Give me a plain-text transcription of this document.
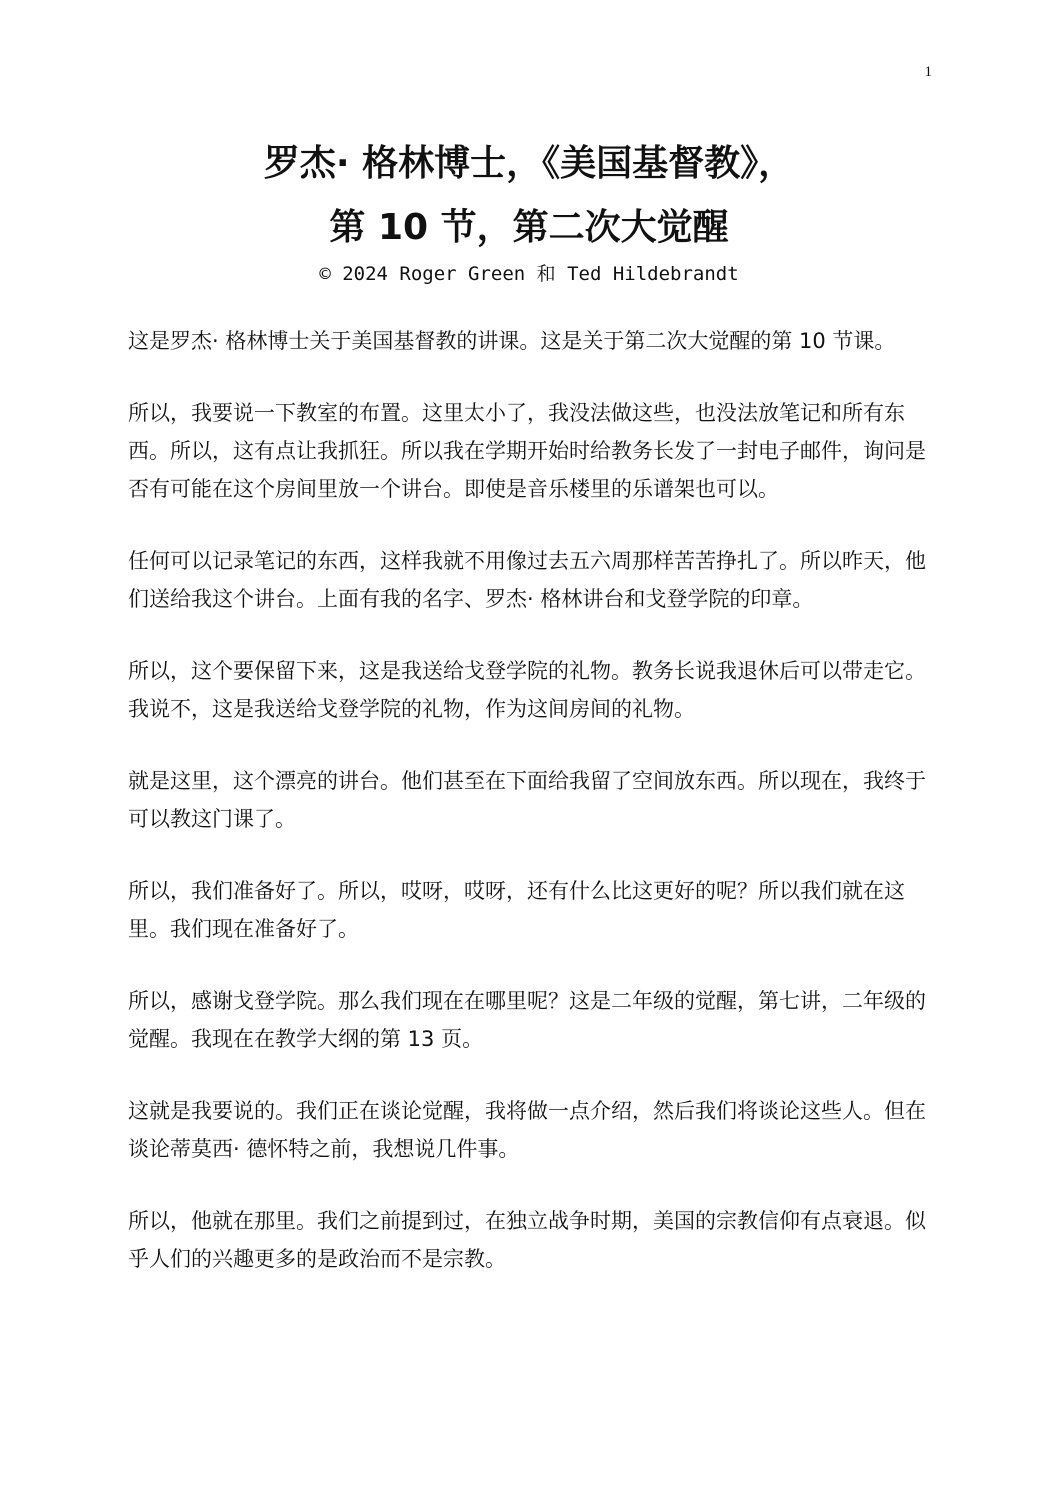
1
罗杰· 格林博士，《美国基督教》，
第 10 节，第二次大觉醒
© 2024 Roger Green 和 Ted Hildebrandt

这是罗杰· 格林博士关于美国基督教的讲课。这是关于第二次大觉醒的第 10 节课。

所以，我要说一下教室的布置。这里太小了，我没法做这些，也没法放笔记和所有东西。所以，这有点让我抓狂。所以我在学期开始时给教务长发了一封电子邮件，询问是否有可能在这个房间里放一个讲台。即使是音乐楼里的乐谱架也可以。

任何可以记录笔记的东西，这样我就不用像过去五六周那样苦苦挣扎了。所以昨天，他们送给我这个讲台。上面有我的名字、罗杰· 格林讲台和戈登学院的印章。

所以，这个要保留下来，这是我送给戈登学院的礼物。教务长说我退休后可以带走它。我说不，这是我送给戈登学院的礼物，作为这间房间的礼物。

就是这里，这个漂亮的讲台。他们甚至在下面给我留了空间放东西。所以现在，我终于可以教这门课了。

所以，我们准备好了。所以，哎呀，哎呀，还有什么比这更好的呢？所以我们就在这里。我们现在准备好了。

所以，感谢戈登学院。那么我们现在在哪里呢？这是二年级的觉醒，第七讲，二年级的觉醒。我现在在教学大纲的第 13 页。

这就是我要说的。我们正在谈论觉醒，我将做一点介绍，然后我们将谈论这些人。但在谈论蒂莫西· 德怀特之前，我想说几件事。

所以，他就在那里。我们之前提到过，在独立战争时期，美国的宗教信仰有点衰退。似乎人们的兴趣更多的是政治而不是宗教。
